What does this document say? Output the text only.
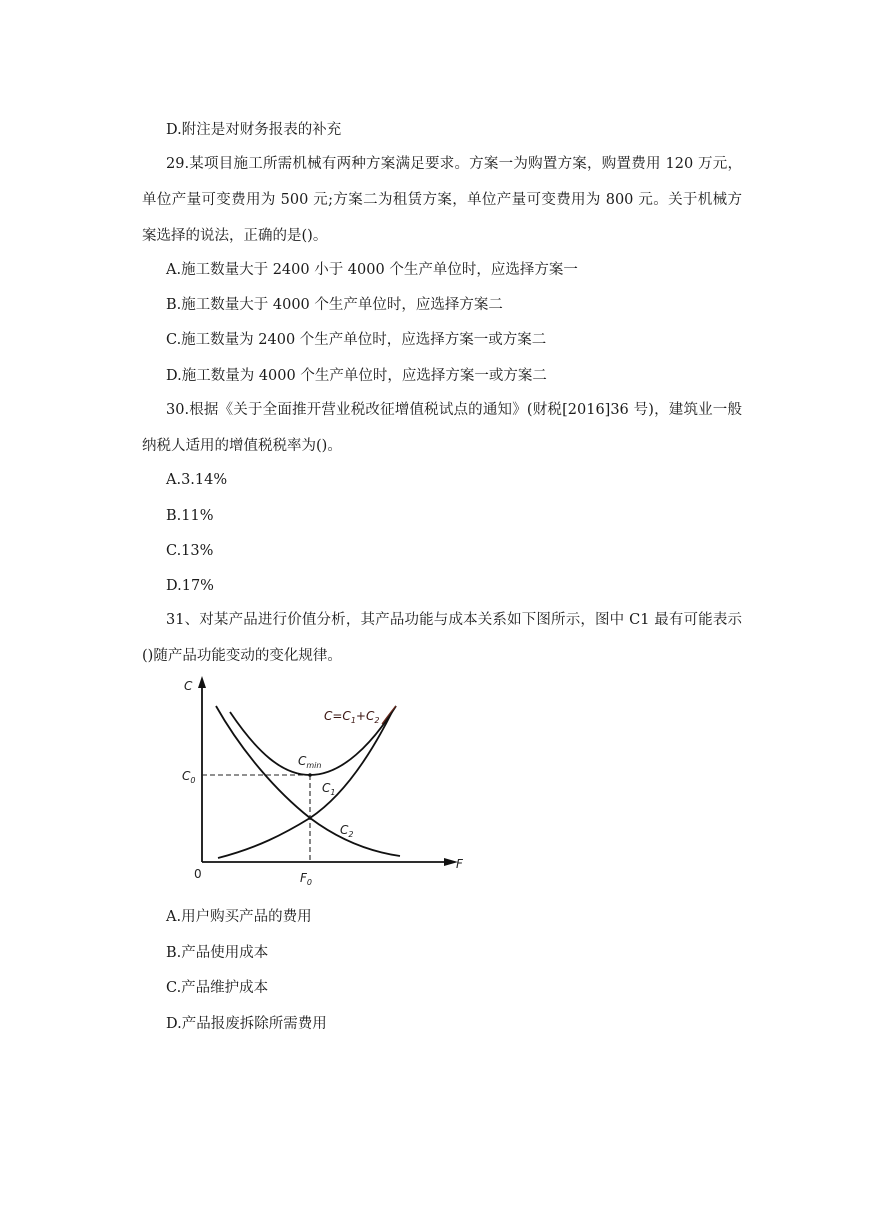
D.附注是对财务报表的补充
29.某项目施工所需机械有两种方案满足要求。方案一为购置方案，购置费用 120 万元，单位产量可变费用为 500 元;方案二为租赁方案，单位产量可变费用为 800 元。关于机械方案选择的说法，正确的是()。
A.施工数量大于 2400 小于 4000 个生产单位时，应选择方案一
B.施工数量大于 4000 个生产单位时，应选择方案二
C.施工数量为 2400 个生产单位时，应选择方案一或方案二
D.施工数量为 4000 个生产单位时，应选择方案一或方案二
30.根据《关于全面推开营业税改征增值税试点的通知》(财税[2016]36 号)，建筑业一般纳税人适用的增值税税率为()。
A.3.14%
B.11%
C.13%
D.17%
31、对某产品进行价值分析，其产品功能与成本关系如下图所示，图中 C1 最有可能表示()随产品功能变动的变化规律。
C
F
0
$C_0$
$F_0$
$C_{min}$
$C_1$
$C_2$
$C=C_1+C_2$
A.用户购买产品的费用
B.产品使用成本
C.产品维护成本
D.产品报废拆除所需费用
